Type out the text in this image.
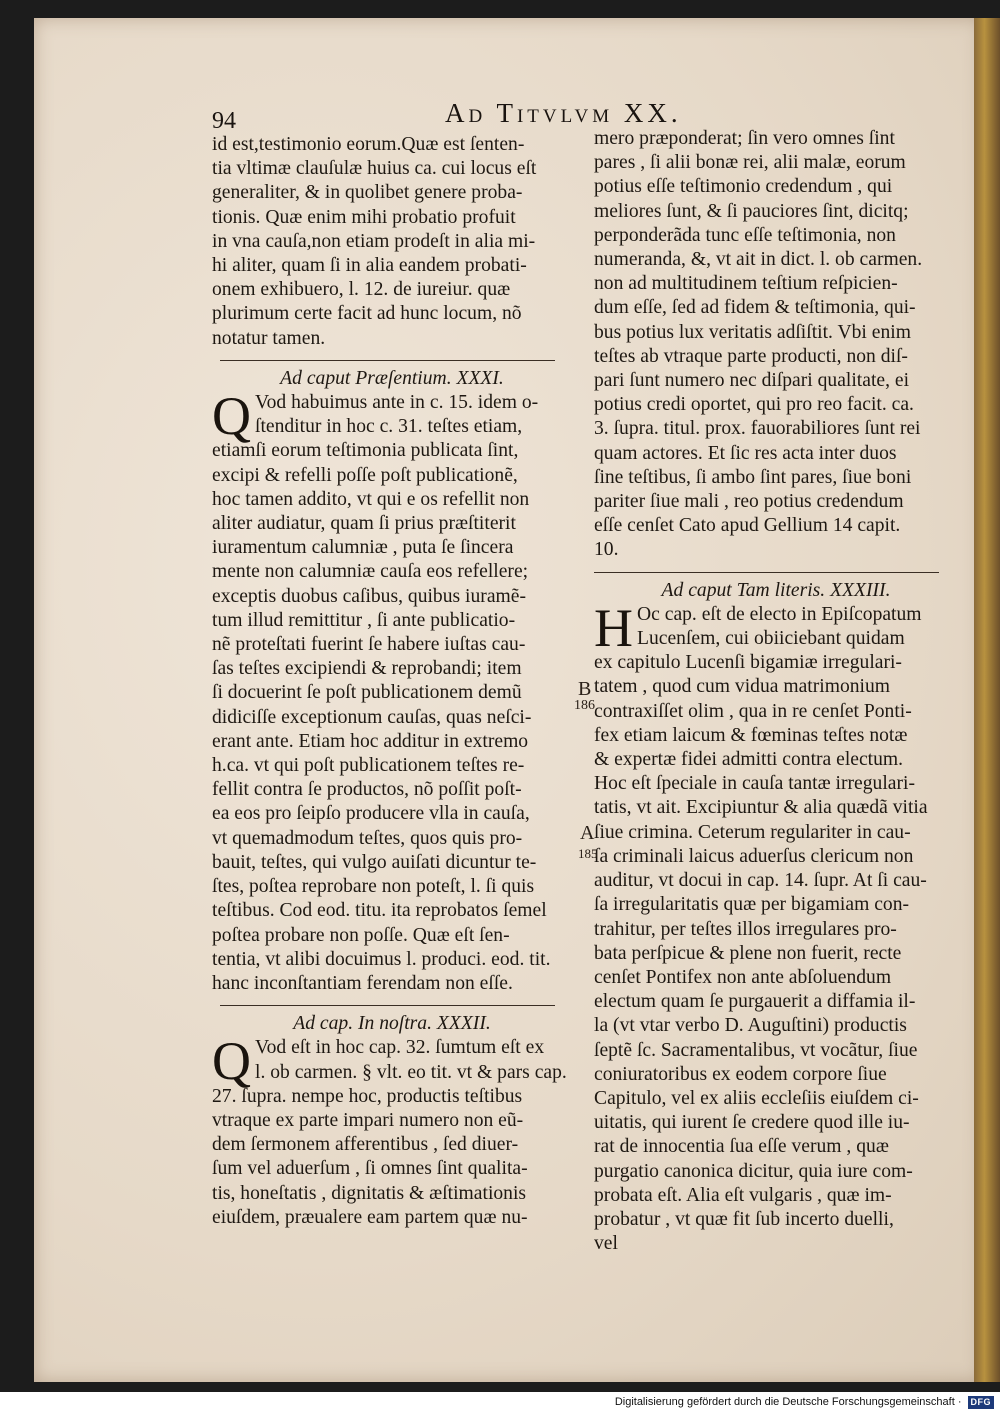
94	Ad Titvlvm XX.

id est,testimonio eorum.Quæ est ſenten-

tia vltimæ clauſulæ huius ca. cui locus eſt

generaliter, & in quolibet genere proba-

tionis. Quæ enim mihi probatio profuit

in vna cauſa,non etiam prodeſt in alia mi-

hi aliter, quam ſi in alia eandem probati-

onem exhibuero, l. 12. de iureiur. quæ

plurimum certe facit ad hunc locum, nõ

notatur tamen.

Ad caput Præſentium. XXXI.

Q Vod habuimus ante in c. 15. idem o-

ſtenditur in hoc c. 31. teſtes etiam,

etiamſi eorum teſtimonia publicata ſint,

excipi & refelli poſſe poſt publicationẽ,

hoc tamen addito, vt qui e os refellit non

aliter audiatur, quam ſi prius præſtiterit

iuramentum calumniæ , puta ſe ſincera

mente non calumniæ cauſa eos refellere;

exceptis duobus caſibus, quibus iuramẽ-

tum illud remittitur , ſi ante publicatio-

nẽ proteſtati fuerint ſe habere iuſtas cau-

ſas teſtes excipiendi & reprobandi; item

ſi docuerint ſe poſt publicationem demũ

didiciſſe exceptionum cauſas, quas neſci-

erant ante. Etiam hoc additur in extremo

h.ca. vt qui poſt publicationem teſtes re-

fellit contra ſe productos, nõ poſſit poſt-

ea eos pro ſeipſo producere vlla in cauſa,

vt quemadmodum teſtes, quos quis pro-

bauit, teſtes, qui vulgo auiſati dicuntur te-

ſtes, poſtea reprobare non poteſt, l. ſi quis

teſtibus. Cod eod. titu. ita reprobatos ſemel

poſtea probare non poſſe. Quæ eſt ſen-

tentia, vt alibi docuimus l. produci. eod. tit.

hanc inconſtantiam ferendam non eſſe.

Ad cap. In noſtra. XXXII.

Q Vod eſt in hoc cap. 32. ſumtum eſt ex

l. ob carmen. § vlt. eo tit. vt & pars cap.

27. ſupra. nempe hoc, productis teſtibus

vtraque ex parte impari numero non eũ-

dem ſermonem afferentibus , ſed diuer-

ſum vel aduerſum , ſi omnes ſint qualita-

tis, honeſtatis , dignitatis & æſtimationis

eiuſdem, præualere eam partem quæ nu-

mero præponderat; ſin vero omnes ſint

pares , ſi alii bonæ rei, alii malæ, eorum

potius eſſe teſtimonio credendum , qui

meliores ſunt, & ſi pauciores ſint, dicitq;

perponderãda tunc eſſe teſtimonia, non

numeranda, &, vt ait in dict. l. ob carmen.

non ad multitudinem teſtium reſpicien-

dum eſſe, ſed ad fidem & teſtimonia, qui-

bus potius lux veritatis adſiſtit. Vbi enim

teſtes ab vtraque parte producti, non diſ-

pari ſunt numero nec diſpari qualitate, ei

potius credi oportet, qui pro reo facit. ca.

3. ſupra. titul. prox. fauorabiliores ſunt rei

quam actores. Et ſic res acta inter duos

ſine teſtibus, ſi ambo ſint pares, ſiue boni

pariter ſiue mali , reo potius credendum

eſſe cenſet Cato apud Gellium 14 capit.

10.

Ad caput Tam literis. XXXIII.

H Oc cap. eſt de electo in Epiſcopatum

Lucenſem, cui obiiciebant quidam

ex capitulo Lucenſi bigamiæ irregulari-

tatem , quod cum vidua matrimonium

contraxiſſet olim , qua in re cenſet Ponti-

fex etiam laicum & fœminas teſtes notæ

& expertæ fidei admitti contra electum.

Hoc eſt ſpeciale in cauſa tantæ irregulari-

tatis, vt ait. Excipiuntur & alia quædã vitia

ſiue crimina. Ceterum regulariter in cau-

ſa criminali laicus aduerſus clericum non

auditur, vt docui in cap. 14. ſupr. At ſi cau-

ſa irregularitatis quæ per bigamiam con-

trahitur, per teſtes illos irregulares pro-

bata perſpicue & plene non fuerit, recte

cenſet Pontifex non ante abſoluendum

electum quam ſe purgauerit a diffamia il-

la (vt vtar verbo D. Auguſtini) productis

ſeptẽ ſc. Sacramentalibus, vt vocãtur, ſiue

coniuratoribus ex eodem corpore ſiue

Capitulo, vel ex aliis eccleſiis eiuſdem ci-

uitatis, qui iurent ſe credere quod ille iu-

rat de innocentia ſua eſſe verum , quæ

purgatio canonica dicitur, quia iure com-

probata eſt. Alia eſt vulgaris , quæ im-

probatur , vt quæ fit ſub incerto duelli,

vel

B
186
A
185
Digitalisierung gefördert durch die Deutsche Forschungsgemeinschaft · DFG
